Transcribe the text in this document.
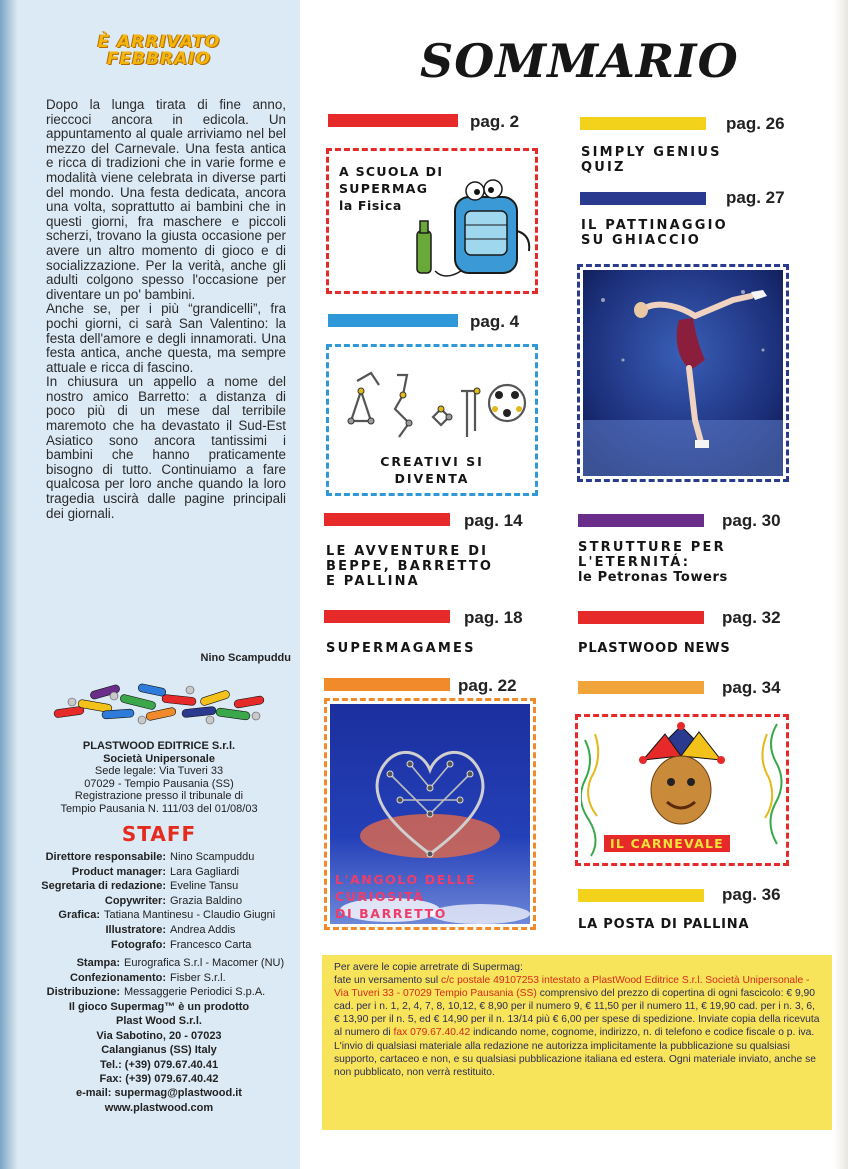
È ARRIVATO
FEBBRAIO

Dopo la lunga tirata di fine anno, rieccoci ancora in edicola. Un appuntamento al quale arriviamo nel bel mezzo del Carnevale. Una festa antica e ricca di tradizioni che in varie forme e modalità viene celebrata in diverse parti del mondo. Una festa dedicata, ancora una volta, soprattutto ai bambini che in questi giorni, fra maschere e piccoli scherzi, trovano la giusta occasione per avere un altro momento di gioco e di socializzazione. Per la verità, anche gli adulti colgono spesso l'occasione per diventare un po' bambini.

Anche se, per i più “grandicelli”, fra pochi giorni, ci sarà San Valentino: la festa dell'amore e degli innamorati. Una festa antica, anche questa, ma sempre attuale e ricca di fascino.

In chiusura un appello a nome del nostro amico Barretto: a distanza di poco più di un mese dal terribile maremoto che ha devastato il Sud-Est Asiatico sono ancora tantissimi i bambini che hanno praticamente bisogno di tutto. Continuiamo a fare qualcosa per loro anche quando la loro tragedia uscirà dalle pagine principali dei giornali.

Nino Scampuddu
PLASTWOOD EDITRICE S.r.l.
Società Unipersonale
Sede legale: Via Tuveri 33
07029 - Tempio Pausania (SS)
Registrazione presso il tribunale di
Tempio Pausania N. 111/03 del 01/08/03
STAFF
Direttore responsabile: Nino Scampuddu
Product manager: Lara Gagliardi
Segretaria di redazione: Eveline Tansu
Copywriter: Grazia Baldino
Grafica: Tatiana Mantinesu - Claudio Giugni
Illustratore: Andrea Addis
Fotografo: Francesco Carta
Stampa: Eurografica S.r.l - Macomer (NU)
Confezionamento: Fisber S.r.l.
Distribuzione: Messaggerie Periodici S.p.A.
Il gioco Supermag™ è un prodotto
Plast Wood S.r.l.
Via Sabotino, 20 - 07023
Calangianus (SS) Italy
Tel.: (+39) 079.67.40.41
Fax: (+39) 079.67.40.42
e-mail: supermag@plastwood.it
www.plastwood.com
SOMMARIO
pag. 2
A SCUOLA DI
SUPERMAG
la Fisica
pag. 4
CREATIVI SI
DIVENTA
pag. 14
LE AVVENTURE DI
BEPPE, BARRETTO
E PALLINA
pag. 18
SUPERMAGAMES
pag. 22
L'ANGOLO DELLE
CURIOSITÀ
DI BARRETTO
pag. 26
SIMPLY GENIUS
QUIZ
pag. 27
IL PATTINAGGIO
SU GHIACCIO
pag. 30
STRUTTURE PER
L'ETERNITÁ:
le Petronas Towers
pag. 32
PLASTWOOD NEWS
pag. 34
IL CARNEVALE
pag. 36
LA POSTA DI PALLINA

Per avere le copie arretrate di Supermag:

fate un versamento sul c/c postale 49107253 intestato a PlastWood Editrice S.r.l. Società Unipersonale - Via Tuveri 33 - 07029 Tempio Pausania (SS) comprensivo del prezzo di copertina di ogni fascicolo: € 9,90 cad. per i n. 1, 2, 4, 7, 8, 10,12, € 8,90 per il numero 9, € 11,50 per il numero 11, € 19,90 cad. per i n. 3, 6, € 13,90 per il n. 5, ed € 14,90 per il n. 13/14 più € 6,00 per spese di spedizione. Inviate copia della ricevuta al numero di fax 079.67.40.42 indicando nome, cognome, indirizzo, n. di telefono e codice fiscale o p. iva. L'invio di qualsiasi materiale alla redazione ne autorizza implicitamente la pubblicazione su qualsiasi supporto, cartaceo e non, e su qualsiasi pubblicazione italiana ed estera. Ogni materiale inviato, anche se non pubblicato, non verrà restituito.
